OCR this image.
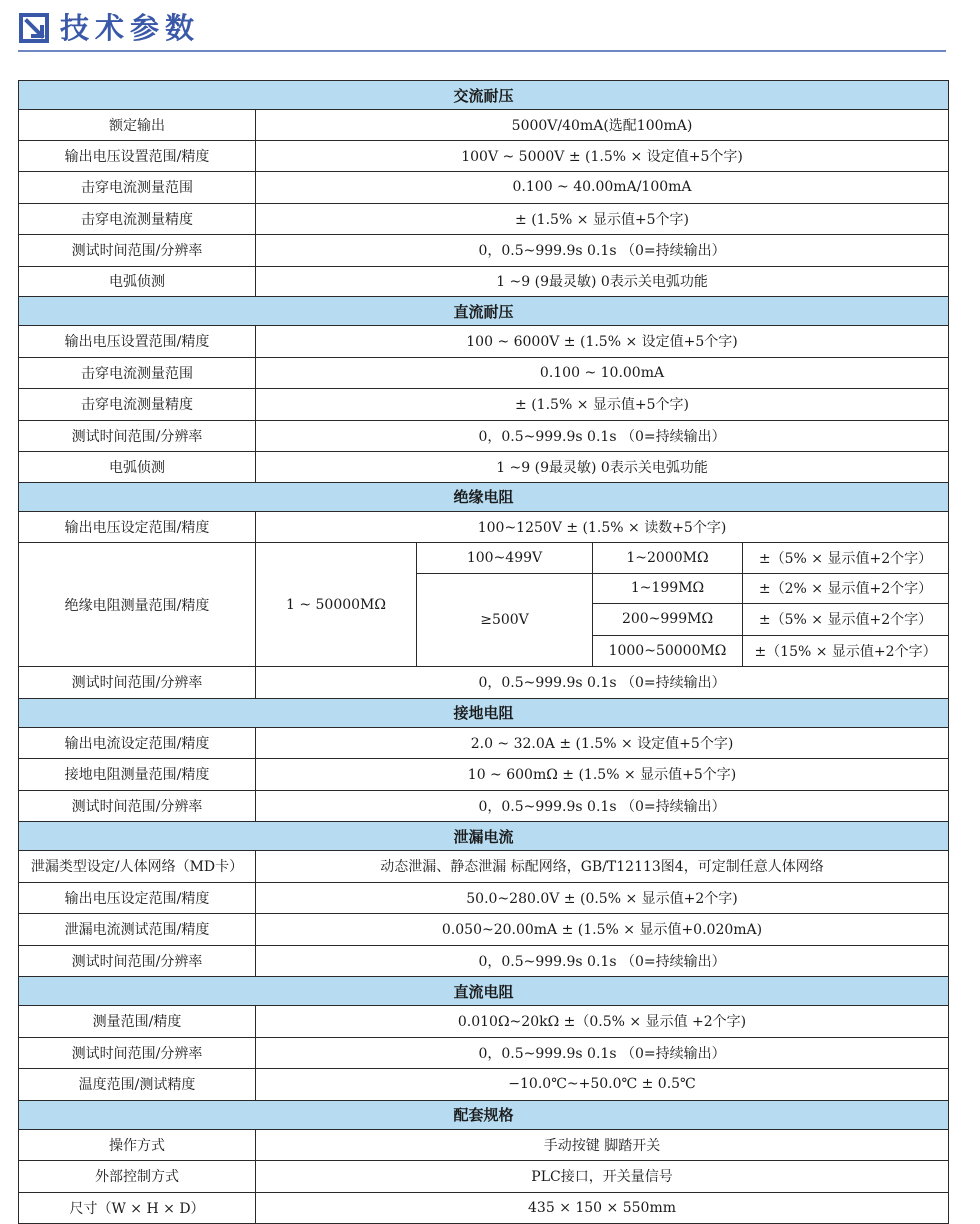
技术参数
交流耐压				
额定输出	5000V/40mA(选配100mA)			
输出电压设置范围/精度	100V ~ 5000V ± (1.5% × 设定值+5个字)			
击穿电流测量范围	0.100 ~ 40.00mA/100mA			
击穿电流测量精度	± (1.5% × 显示值+5个字)			
测试时间范围/分辨率	0，0.5~999.9s 0.1s （0=持续输出）			
电弧侦测	1 ~9 (9最灵敏) 0表示关电弧功能			
直流耐压				
输出电压设置范围/精度	100 ~ 6000V ± (1.5% × 设定值+5个字)			
击穿电流测量范围	0.100 ~ 10.00mA			
击穿电流测量精度	± (1.5% × 显示值+5个字)			
测试时间范围/分辨率	0，0.5~999.9s 0.1s （0=持续输出）			
电弧侦测	1 ~9 (9最灵敏) 0表示关电弧功能			
绝缘电阻				
输出电压设定范围/精度	100~1250V ± (1.5% × 读数+5个字)			
绝缘电阻测量范围/精度	1 ~ 50000MΩ	100~499V	1~2000MΩ	±（5% × 显示值+2个字）
		≥500V	1~199MΩ	±（2% × 显示值+2个字）
			200~999MΩ	±（5% × 显示值+2个字）
			1000~50000MΩ	±（15% × 显示值+2个字）
测试时间范围/分辨率	0，0.5~999.9s 0.1s （0=持续输出）			
接地电阻				
输出电流设定范围/精度	2.0 ~ 32.0A ± (1.5% × 设定值+5个字)			
接地电阻测量范围/精度	10 ~ 600mΩ ± (1.5% × 显示值+5个字)			
测试时间范围/分辨率	0，0.5~999.9s 0.1s （0=持续输出）			
泄漏电流				
泄漏类型设定/人体网络（MD卡）	动态泄漏、静态泄漏 标配网络，GB/T12113图4，可定制任意人体网络			
输出电压设定范围/精度	50.0~280.0V ± (0.5% × 显示值+2个字)			
泄漏电流测试范围/精度	0.050~20.00mA ± (1.5% × 显示值+0.020mA)			
测试时间范围/分辨率	0，0.5~999.9s 0.1s （0=持续输出）			
直流电阻				
测量范围/精度	0.010Ω~20kΩ ±（0.5% × 显示值 +2个字)			
测试时间范围/分辨率	0，0.5~999.9s 0.1s （0=持续输出）			
温度范围/测试精度	−10.0℃~+50.0℃ ± 0.5℃			
配套规格				
操作方式	手动按键 脚踏开关			
外部控制方式	PLC接口，开关量信号			
尺寸（W × H × D）	435 × 150 × 550mm			
